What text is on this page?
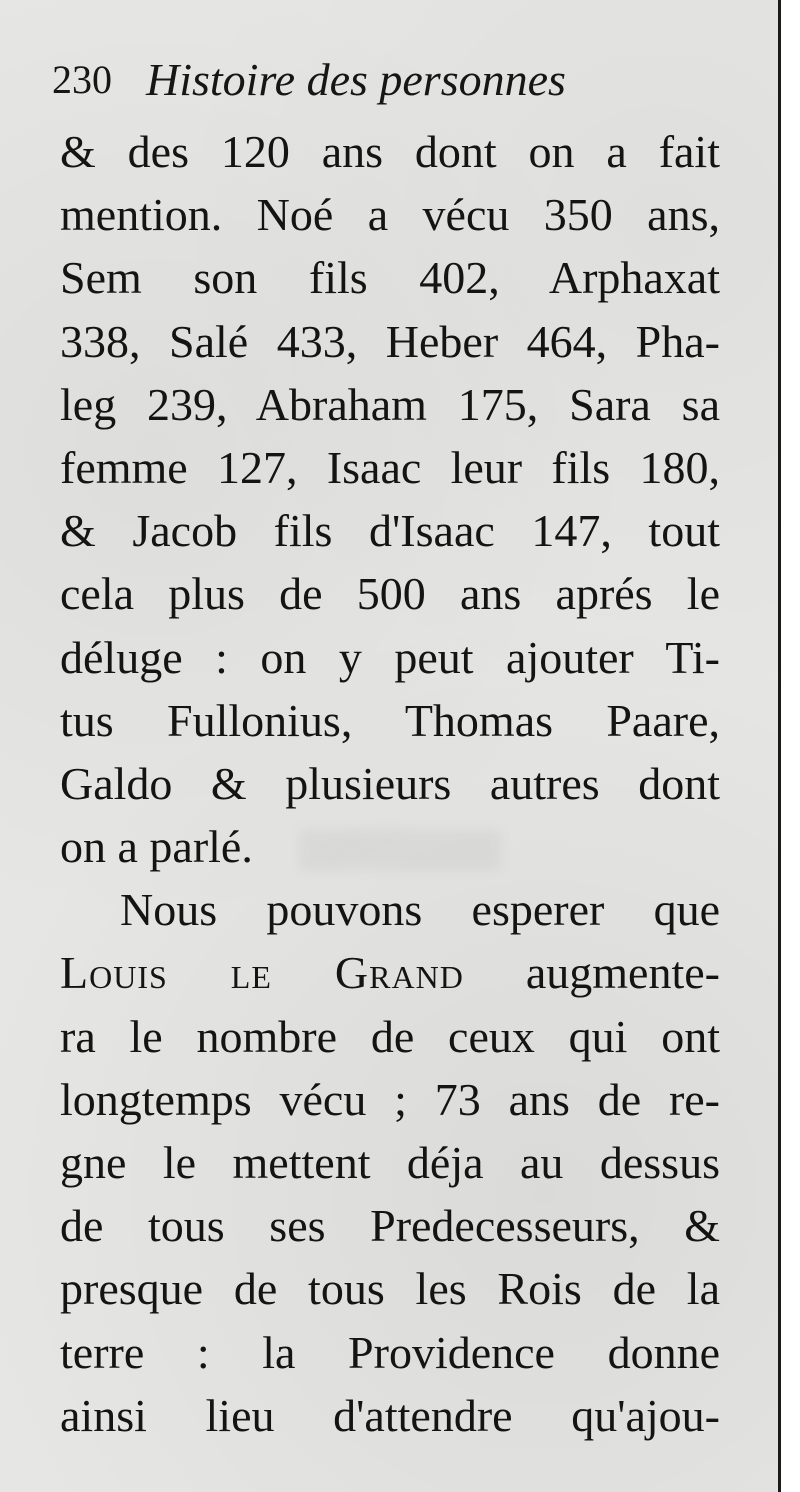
230 Histoire des personnes
& des 120 ans dont on a fait
mention. Noé a vécu 350 ans,
Sem son fils 402, Arphaxat
338, Salé 433, Heber 464, Pha-
leg 239, Abraham 175, Sara sa
femme 127, Isaac leur fils 180,
& Jacob fils d'Isaac 147, tout
cela plus de 500 ans aprés le
déluge : on y peut ajouter Ti-
tus Fullonius, Thomas Paare,
Galdo & plusieurs autres dont
on a parlé.
Nous pouvons esperer que
Louis le Grand augmente-
ra le nombre de ceux qui ont
longtemps vécu ; 73 ans de re-
gne le mettent déja au dessus
de tous ses Predecesseurs, &
presque de tous les Rois de la
terre : la Providence donne
ainsi lieu d'attendre qu'ajou-
